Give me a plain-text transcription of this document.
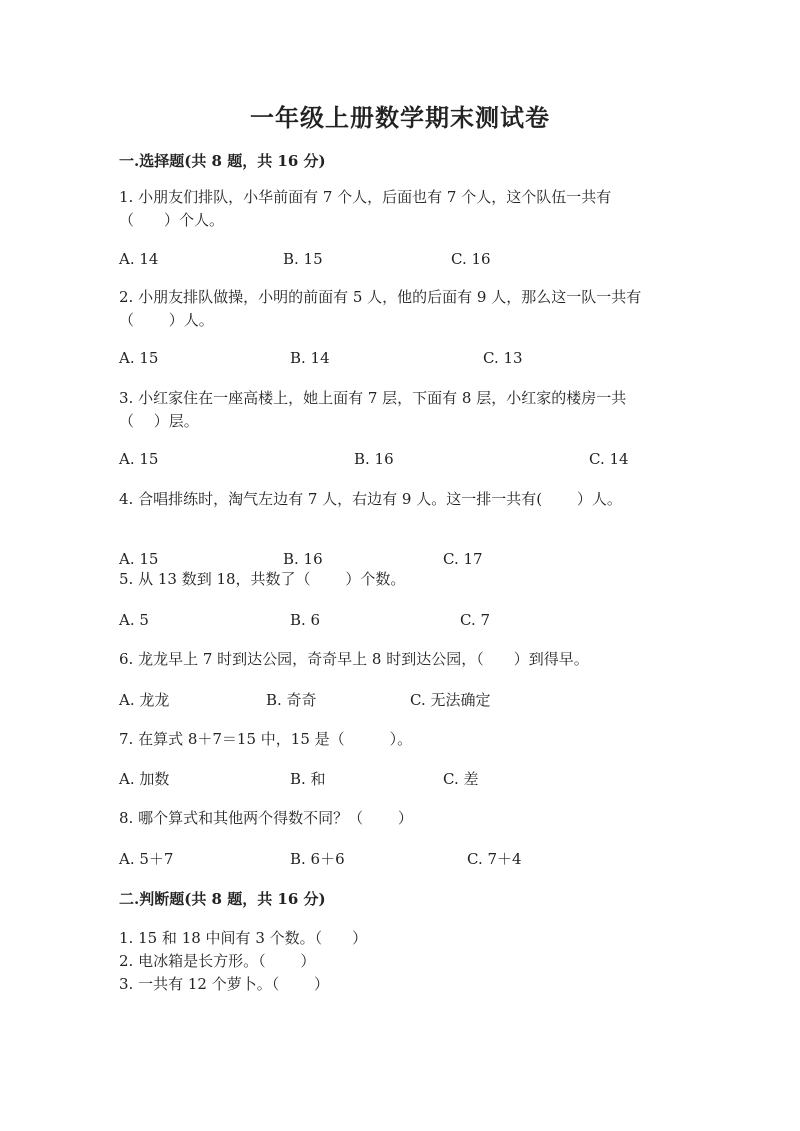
一年级上册数学期末测试卷
一.选择题(共 8 题，共 16 分)
1. 小朋友们排队，小华前面有 7 个人，后面也有 7 个人，这个队伍一共有
（　　）个人。
A. 14	B. 15	C. 16
2. 小朋友排队做操，小明的前面有 5 人，他的后面有 9 人，那么这一队一共有
（　　 ）人。
A. 15	B. 14	C. 13
3. 小红家住在一座高楼上，她上面有 7 层，下面有 8 层，小红家的楼房一共
（　 ）层。
A. 15	B. 16	C. 14
4. 合唱排练时，淘气左边有 7 人，右边有 9 人。这一排一共有(　　 ）人。
A. 15	B. 16	C. 17
5. 从 13 数到 18，共数了（　　 ）个数。
A. 5	B. 6	C. 7
6. 龙龙早上 7 时到达公园，奇奇早上 8 时到达公园，（　　）到得早。
A. 龙龙	B. 奇奇	C. 无法确定
7. 在算式 8＋7＝15 中，15 是（　　　）。
A. 加数	B. 和	C. 差
8. 哪个算式和其他两个得数不同？（　　 ）
A. 5＋7	B. 6＋6	C. 7＋4
二.判断题(共 8 题，共 16 分)
1. 15 和 18 中间有 3 个数。（　　）
2. 电冰箱是长方形。（　　 ）
3. 一共有 12 个萝卜。（　　 ）
